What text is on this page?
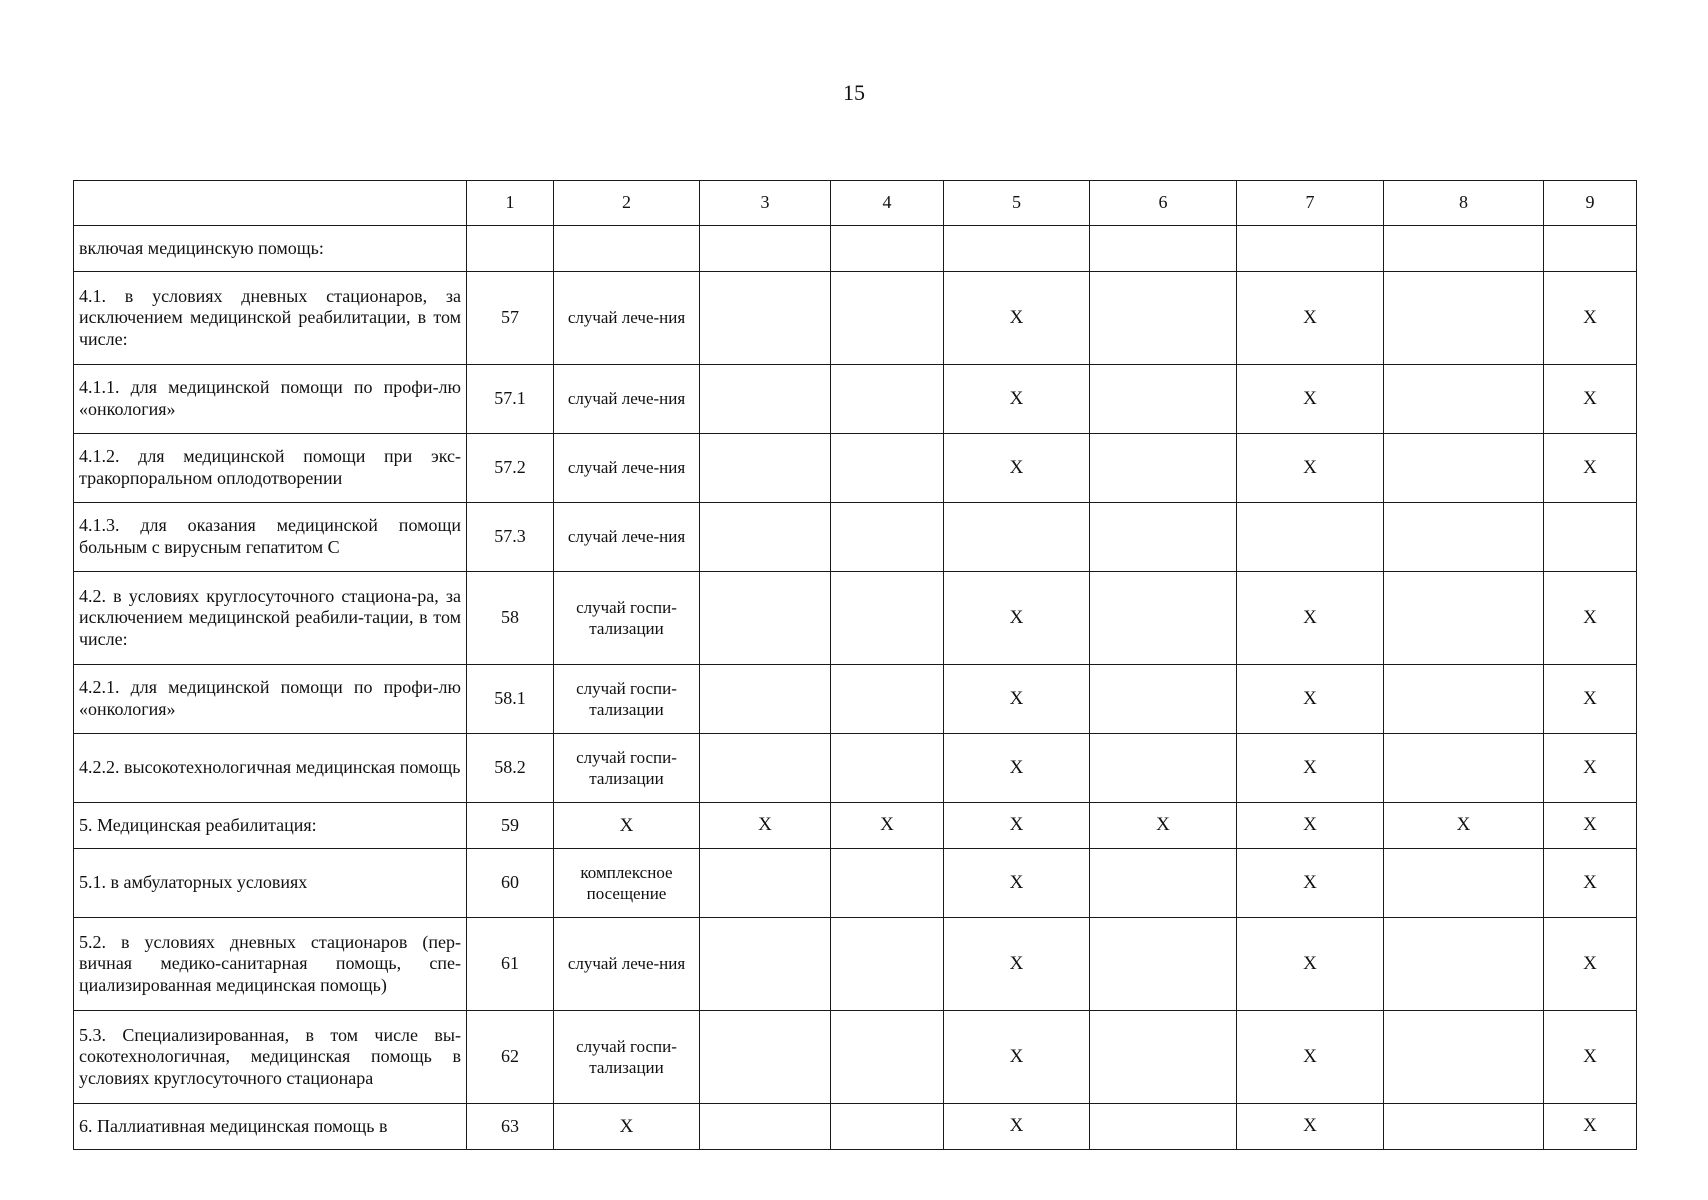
15
	1	2	3	4	5	6	7	8	9
включая медицинскую помощь:									
4.1. в условиях дневных стационаров, за исключением медицинской реабилитации, в том числе:	57	случай лече-ния			X		X		X
4.1.1. для медицинской помощи по профи-лю «онкология»	57.1	случай лече-ния			X		X		X
4.1.2. для медицинской помощи при экс-тракорпоральном оплодотворении	57.2	случай лече-ния			X		X		X
4.1.3. для оказания медицинской помощи больным с вирусным гепатитом С	57.3	случай лече-ния							
4.2. в условиях круглосуточного стациона-ра, за исключением медицинской реабили-тации, в том числе:	58	случай госпи-тализации			X		X		X
4.2.1. для медицинской помощи по профи-лю «онкология»	58.1	случай госпи-тализации			X		X		X
4.2.2. высокотехнологичная медицинская помощь	58.2	случай госпи-тализации			X		X		X
5. Медицинская реабилитация:	59	X	X	X	X	X	X	X	X
5.1. в амбулаторных условиях	60	комплексное посещение			X		X		X
5.2. в условиях дневных стационаров (пер-вичная медико-санитарная помощь, спе-циализированная медицинская помощь)	61	случай лече-ния			X		X		X
5.3. Специализированная, в том числе вы-сокотехнологичная, медицинская помощь в условиях круглосуточного стационара	62	случай госпи-тализации			X		X		X
6. Паллиативная медицинская помощь в	63	X			X		X		X
